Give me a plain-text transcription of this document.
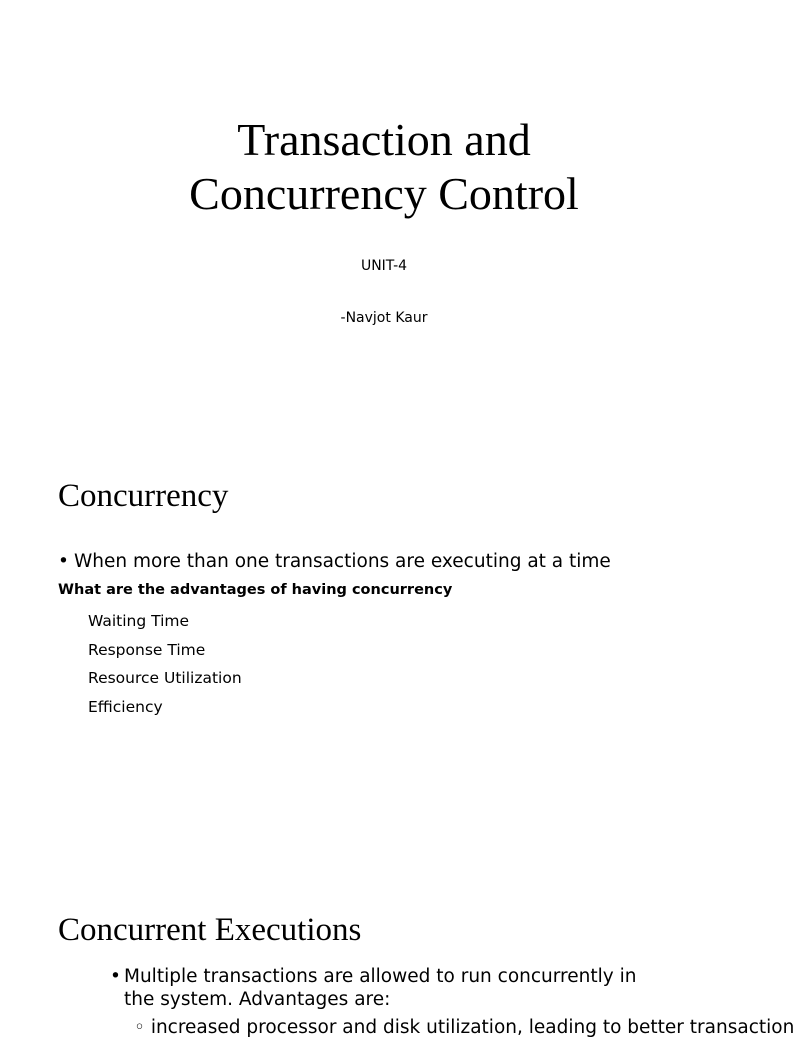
Transaction and
Concurrency Control

UNIT-4

-Navjot Kaur

Concurrency

• When more than one transactions are executing at a time

What are the advantages of having concurrency

Waiting Time
Response Time
Resource Utilization
Efficiency
Concurrent Executions

• Multiple transactions are allowed to run concurrently in the system. Advantages are:

◦ increased processor and disk utilization, leading to better transaction
